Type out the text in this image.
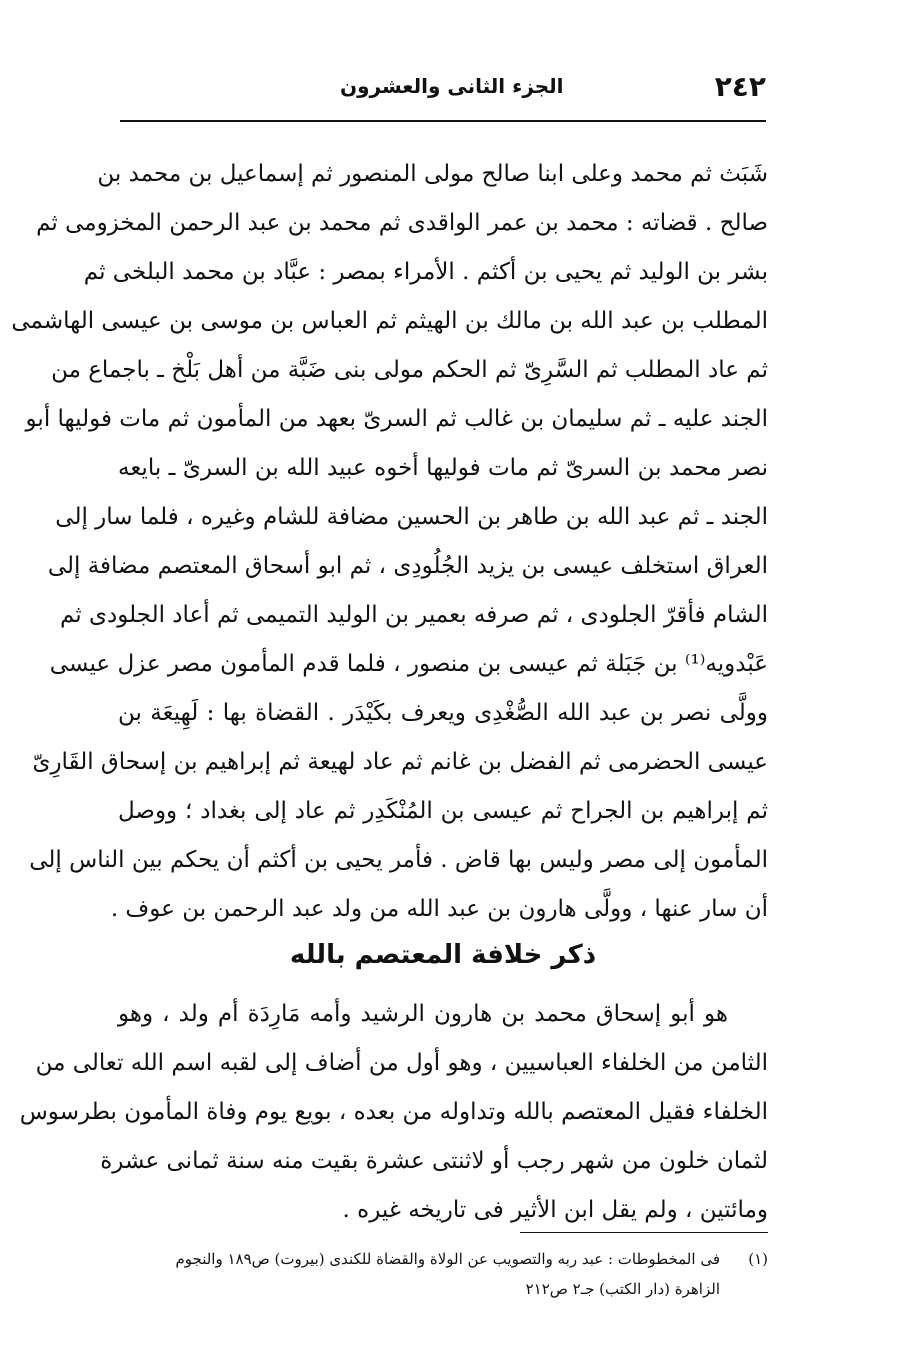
٢٤٢
الجزء الثانى والعشرون
شَبَث ثم محمد وعلى ابنا صالح مولى المنصور ثم إسماعيل بن محمد بن
صالح . قضاته : محمد بن عمر الواقدى ثم محمد بن عبد الرحمن المخزومى ثم
بشر بن الوليد ثم يحيى بن أكثم . الأمراء بمصر : عبَّاد بن محمد البلخى ثم
المطلب بن عبد الله بن مالك بن الهيثم ثم العباس بن موسى بن عيسى الهاشمى
ثم عاد المطلب ثم السَّرِىّ ثم الحكم مولى بنى ضَبَّة من أهل بَلْخ ـ باجماع من
الجند عليه ـ ثم سليمان بن غالب ثم السرىّ بعهد من المأمون ثم مات فوليها أبو
نصر محمد بن السرىّ ثم مات فوليها أخوه عبيد الله بن السرىّ ـ بايعه
الجند ـ ثم عبد الله بن طاهر بن الحسين مضافة للشام وغيره ، فلما سار إلى
العراق استخلف عيسى بن يزيد الجُلُودِى ، ثم ابو أسحاق المعتصم مضافة إلى
الشام فأقرّ الجلودى ، ثم صرفه بعمير بن الوليد التميمى ثم أعاد الجلودى ثم
عَبْدويه⁽¹⁾ بن جَبَلة ثم عيسى بن منصور ، فلما قدم المأمون مصر عزل عيسى
وولَّى نصر بن عبد الله الصُّغْدِى ويعرف بكَيْدَر . القضاة بها : لَهِيعَة بن
عيسى الحضرمى ثم الفضل بن غانم ثم عاد لهيعة ثم إبراهيم بن إسحاق القَارِىّ
ثم إبراهيم بن الجراح ثم عيسى بن المُنْكَدِر ثم عاد إلى بغداد ؛ ووصل
المأمون إلى مصر وليس بها قاض . فأمر يحيى بن أكثم أن يحكم بين الناس إلى
أن سار عنها ، وولَّى هارون بن عبد الله من ولد عبد الرحمن بن عوف .
ذكر خلافة المعتصم بالله
هو أبو إسحاق محمد بن هارون الرشيد وأمه مَارِدَة أم ولد ، وهو
الثامن من الخلفاء العباسيين ، وهو أول من أضاف إلى لقبه اسم الله تعالى من
الخلفاء فقيل المعتصم بالله وتداوله من بعده ، بويع يوم وفاة المأمون بطرسوس
لثمان خلون من شهر رجب أو لاثنتى عشرة بقيت منه سنة ثمانى عشرة
ومائتين ، ولم يقل ابن الأثير فى تاريخه غيره .
(١)
فى المخطوطات : عبد ربه والتصويب عن الولاة والقضاة للكندى (بيروت) ص١٨٩ والنجوم
الزاهرة (دار الكتب) جـ٢ ص٢١٢
